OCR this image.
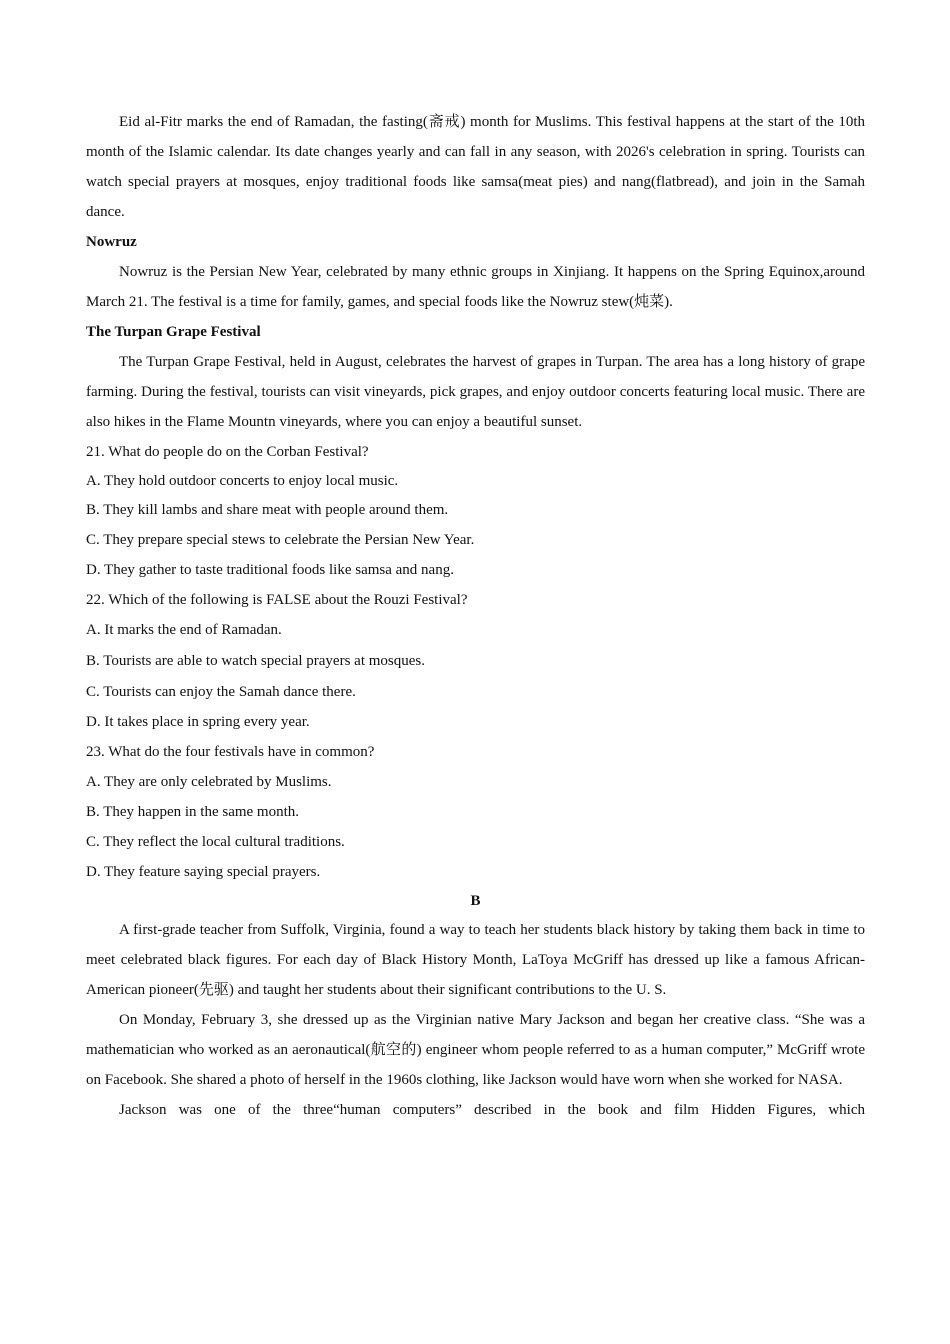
Eid al-Fitr marks the end of Ramadan, the fasting(斋戒) month for Muslims. This festival happens at the start of the 10th month of the Islamic calendar. Its date changes yearly and can fall in any season, with 2026's celebration in spring. Tourists can watch special prayers at mosques, enjoy traditional foods like samsa(meat pies) and nang(flatbread), and join in the Samah dance.

Nowruz

Nowruz is the Persian New Year, celebrated by many ethnic groups in Xinjiang. It happens on the Spring Equinox,around March 21. The festival is a time for family, games, and special foods like the Nowruz stew(炖菜).

The Turpan Grape Festival

The Turpan Grape Festival, held in August, celebrates the harvest of grapes in Turpan. The area has a long history of grape farming. During the festival, tourists can visit vineyards, pick grapes, and enjoy outdoor concerts featuring local music. There are also hikes in the Flame Mountn vineyards, where you can enjoy a beautiful sunset.

21. What do people do on the Corban Festival?

A. They hold outdoor concerts to enjoy local music.

B. They kill lambs and share meat with people around them.

C. They prepare special stews to celebrate the Persian New Year.

D. They gather to taste traditional foods like samsa and nang.

22. Which of the following is FALSE about the Rouzi Festival?

A. It marks the end of Ramadan.

B. Tourists are able to watch special prayers at mosques.

C. Tourists can enjoy the Samah dance there.

D. It takes place in spring every year.

23. What do the four festivals have in common?

A. They are only celebrated by Muslims.

B. They happen in the same month.

C. They reflect the local cultural traditions.

D. They feature saying special prayers.

B

A first-grade teacher from Suffolk, Virginia, found a way to teach her students black history by taking them back in time to meet celebrated black figures. For each day of Black History Month, LaToya McGriff has dressed up like a famous African-American pioneer(先驱) and taught her students about their significant contributions to the U. S.

On Monday, February 3, she dressed up as the Virginian native Mary Jackson and began her creative class. “She was a mathematician who worked as an aeronautical(航空的) engineer whom people referred to as a human computer,” McGriff wrote on Facebook. She shared a photo of herself in the 1960s clothing, like Jackson would have worn when she worked for NASA.

Jackson was one of the three“human computers” described in the book and film Hidden Figures, which
